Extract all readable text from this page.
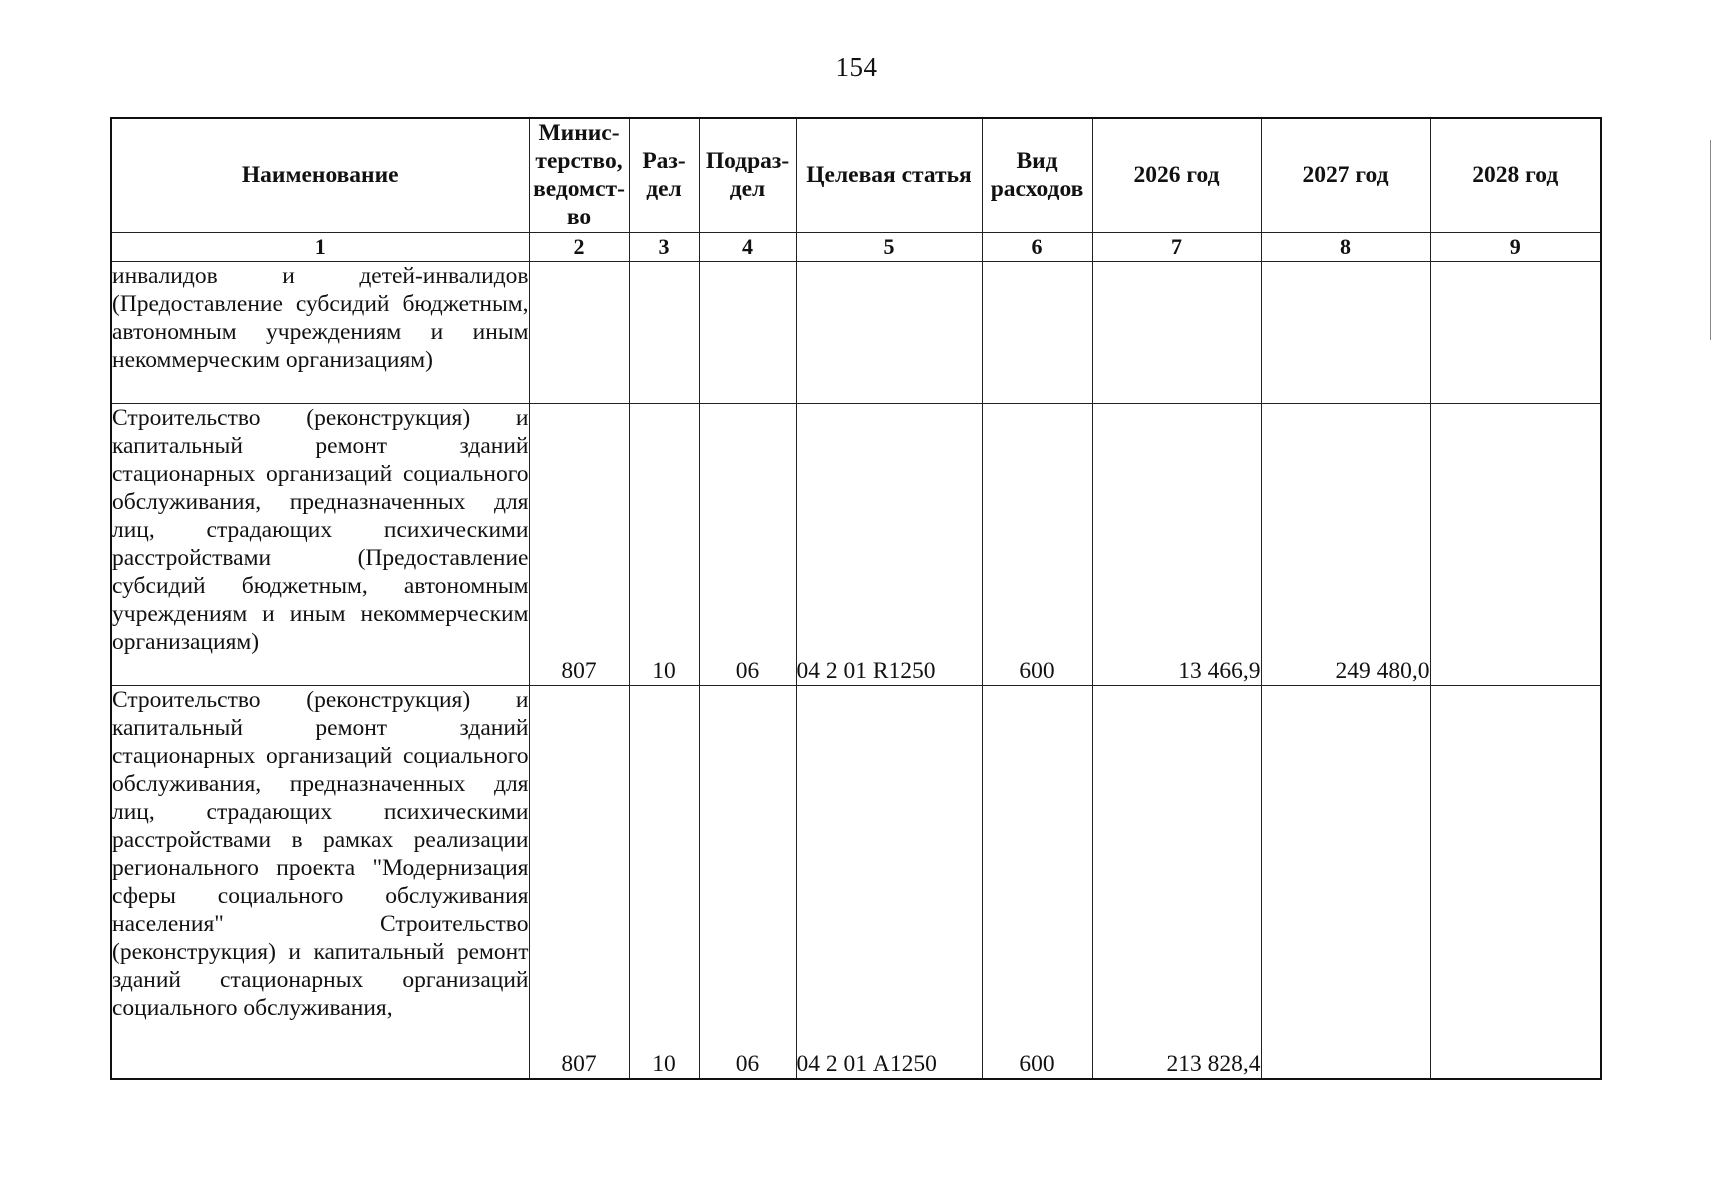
154
Наименование	Минис-терство, ведомст-во	Раз-дел	Подраз-дел	Целевая статья	Вид расходов	2026 год	2027 год	2028 год
1	2	3	4	5	6	7	8	9
инвалидов и детей-инвалидов (Предоставление субсидий бюджетным, автономным учреждениям и иным некоммерческим организациям)								
Строительство (реконструкция) и капитальный ремонт зданий стационарных организаций социального обслуживания, предназначенных для лиц, страдающих психическими расстройствами (Предоставление субсидий бюджетным, автономным учреждениям и иным некоммерческим организациям)	807	10	06	04 2 01 R1250	600	13 466,9	249 480,0	
Строительство (реконструкция) и капитальный ремонт зданий стационарных организаций социального обслуживания, предназначенных для лиц, страдающих психическими расстройствами в рамках реализации регионального проекта "Модернизация сферы социального обслуживания населения" Строительство (реконструкция) и капитальный ремонт зданий стационарных организаций социального обслуживания,	807	10	06	04 2 01 А1250	600	213 828,4		
